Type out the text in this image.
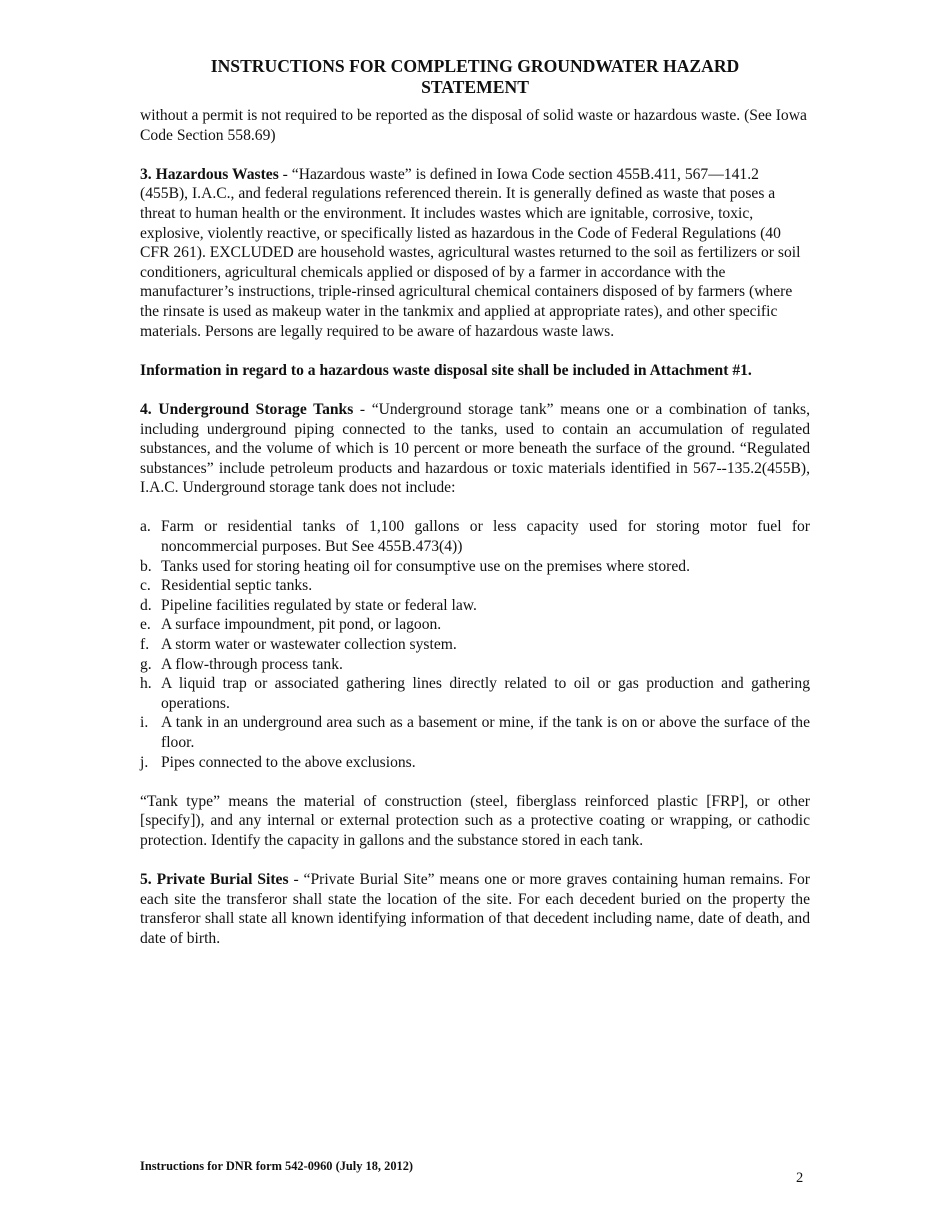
INSTRUCTIONS FOR COMPLETING GROUNDWATER HAZARD
STATEMENT

without a permit is not required to be reported as the disposal of solid waste or hazardous waste. (See Iowa Code Section 558.69)

3. Hazardous Wastes - “Hazardous waste” is defined in Iowa Code section 455B.411, 567—141.2 (455B), I.A.C., and federal regulations referenced therein. It is generally defined as waste that poses a threat to human health or the environment. It includes wastes which are ignitable, corrosive, toxic, explosive, violently reactive, or specifically listed as hazardous in the Code of Federal Regulations (40 CFR 261). EXCLUDED are household wastes, agricultural wastes returned to the soil as fertilizers or soil conditioners, agricultural chemicals applied or disposed of by a farmer in accordance with the manufacturer’s instructions, triple-rinsed agricultural chemical containers disposed of by farmers (where the rinsate is used as makeup water in the tankmix and applied at appropriate rates), and other specific materials. Persons are legally required to be aware of hazardous waste laws.

Information in regard to a hazardous waste disposal site shall be included in Attachment #1.

4. Underground Storage Tanks - “Underground storage tank” means one or a combination of tanks, including underground piping connected to the tanks, used to contain an accumulation of regulated substances, and the volume of which is 10 percent or more beneath the surface of the ground. “Regulated substances” include petroleum products and hazardous or toxic materials identified in 567--135.2(455B), I.A.C. Underground storage tank does not include:

a. Farm or residential tanks of 1,100 gallons or less capacity used for storing motor fuel for noncommercial purposes. But See 455B.473(4))
b. Tanks used for storing heating oil for consumptive use on the premises where stored.
c. Residential septic tanks.
d. Pipeline facilities regulated by state or federal law.
e. A surface impoundment, pit pond, or lagoon.
f. A storm water or wastewater collection system.
g. A flow-through process tank.
h. A liquid trap or associated gathering lines directly related to oil or gas production and gathering operations.
i. A tank in an underground area such as a basement or mine, if the tank is on or above the surface of the floor.
j. Pipes connected to the above exclusions.

“Tank type” means the material of construction (steel, fiberglass reinforced plastic [FRP], or other [specify]), and any internal or external protection such as a protective coating or wrapping, or cathodic protection. Identify the capacity in gallons and the substance stored in each tank.

5. Private Burial Sites - “Private Burial Site” means one or more graves containing human remains. For each site the transferor shall state the location of the site. For each decedent buried on the property the transferor shall state all known identifying information of that decedent including name, date of death, and date of birth.

Instructions for DNR form 542-0960 (July 18, 2012)
2
